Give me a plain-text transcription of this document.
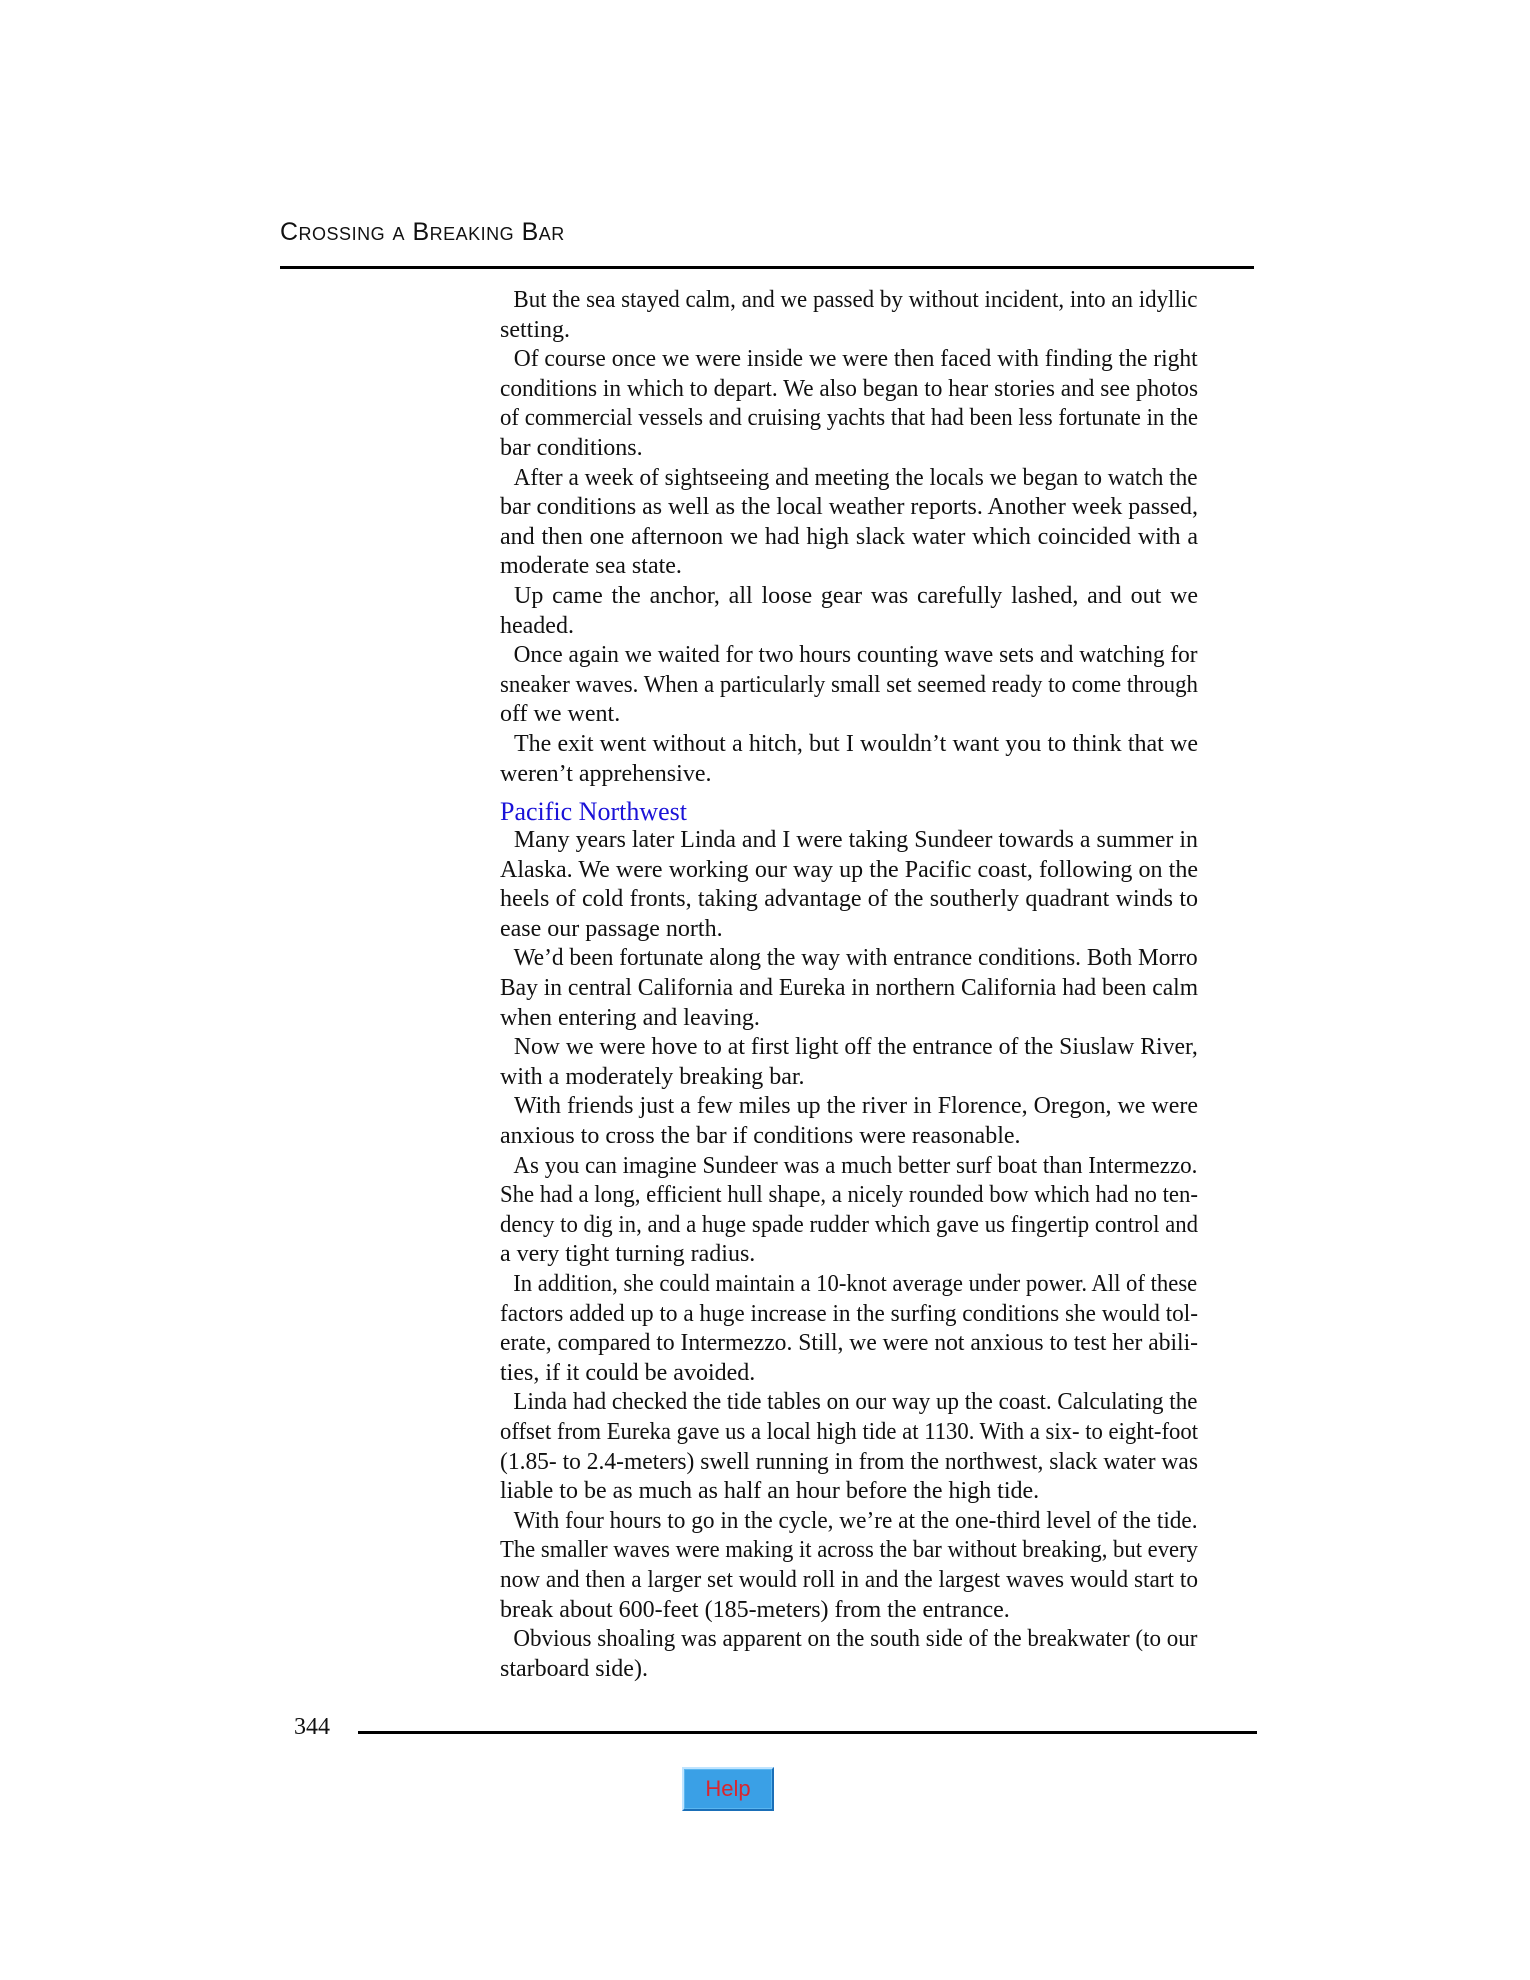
Crossing a Breaking Bar
But the sea stayed calm, and we passed by without incident, into an idyllic
setting.
Of course once we were inside we were then faced with finding the right
conditions in which to depart. We also began to hear stories and see photos
of commercial vessels and cruising yachts that had been less fortunate in the
bar conditions.
After a week of sightseeing and meeting the locals we began to watch the
bar conditions as well as the local weather reports. Another week passed,
and then one afternoon we had high slack water which coincided with a
moderate sea state.
Up came the anchor, all loose gear was carefully lashed, and out we
headed.
Once again we waited for two hours counting wave sets and watching for
sneaker waves. When a particularly small set seemed ready to come through
off we went.
The exit went without a hitch, but I wouldn’t want you to think that we
weren’t apprehensive.
Pacific Northwest
Many years later Linda and I were taking Sundeer towards a summer in
Alaska. We were working our way up the Pacific coast, following on the
heels of cold fronts, taking advantage of the southerly quadrant winds to
ease our passage north.
We’d been fortunate along the way with entrance conditions. Both Morro
Bay in central California and Eureka in northern California had been calm
when entering and leaving.
Now we were hove to at first light off the entrance of the Siuslaw River,
with a moderately breaking bar.
With friends just a few miles up the river in Florence, Oregon, we were
anxious to cross the bar if conditions were reasonable.
As you can imagine Sundeer was a much better surf boat than Intermezzo.
She had a long, efficient hull shape, a nicely rounded bow which had no ten-
dency to dig in, and a huge spade rudder which gave us fingertip control and
a very tight turning radius.
In addition, she could maintain a 10-knot average under power. All of these
factors added up to a huge increase in the surfing conditions she would tol-
erate, compared to Intermezzo. Still, we were not anxious to test her abili-
ties, if it could be avoided.
Linda had checked the tide tables on our way up the coast. Calculating the
offset from Eureka gave us a local high tide at 1130. With a six- to eight-foot
(1.85- to 2.4-meters) swell running in from the northwest, slack water was
liable to be as much as half an hour before the high tide.
With four hours to go in the cycle, we’re at the one-third level of the tide.
The smaller waves were making it across the bar without breaking, but every
now and then a larger set would roll in and the largest waves would start to
break about 600-feet (185-meters) from the entrance.
Obvious shoaling was apparent on the south side of the breakwater (to our
starboard side).
344
Help
